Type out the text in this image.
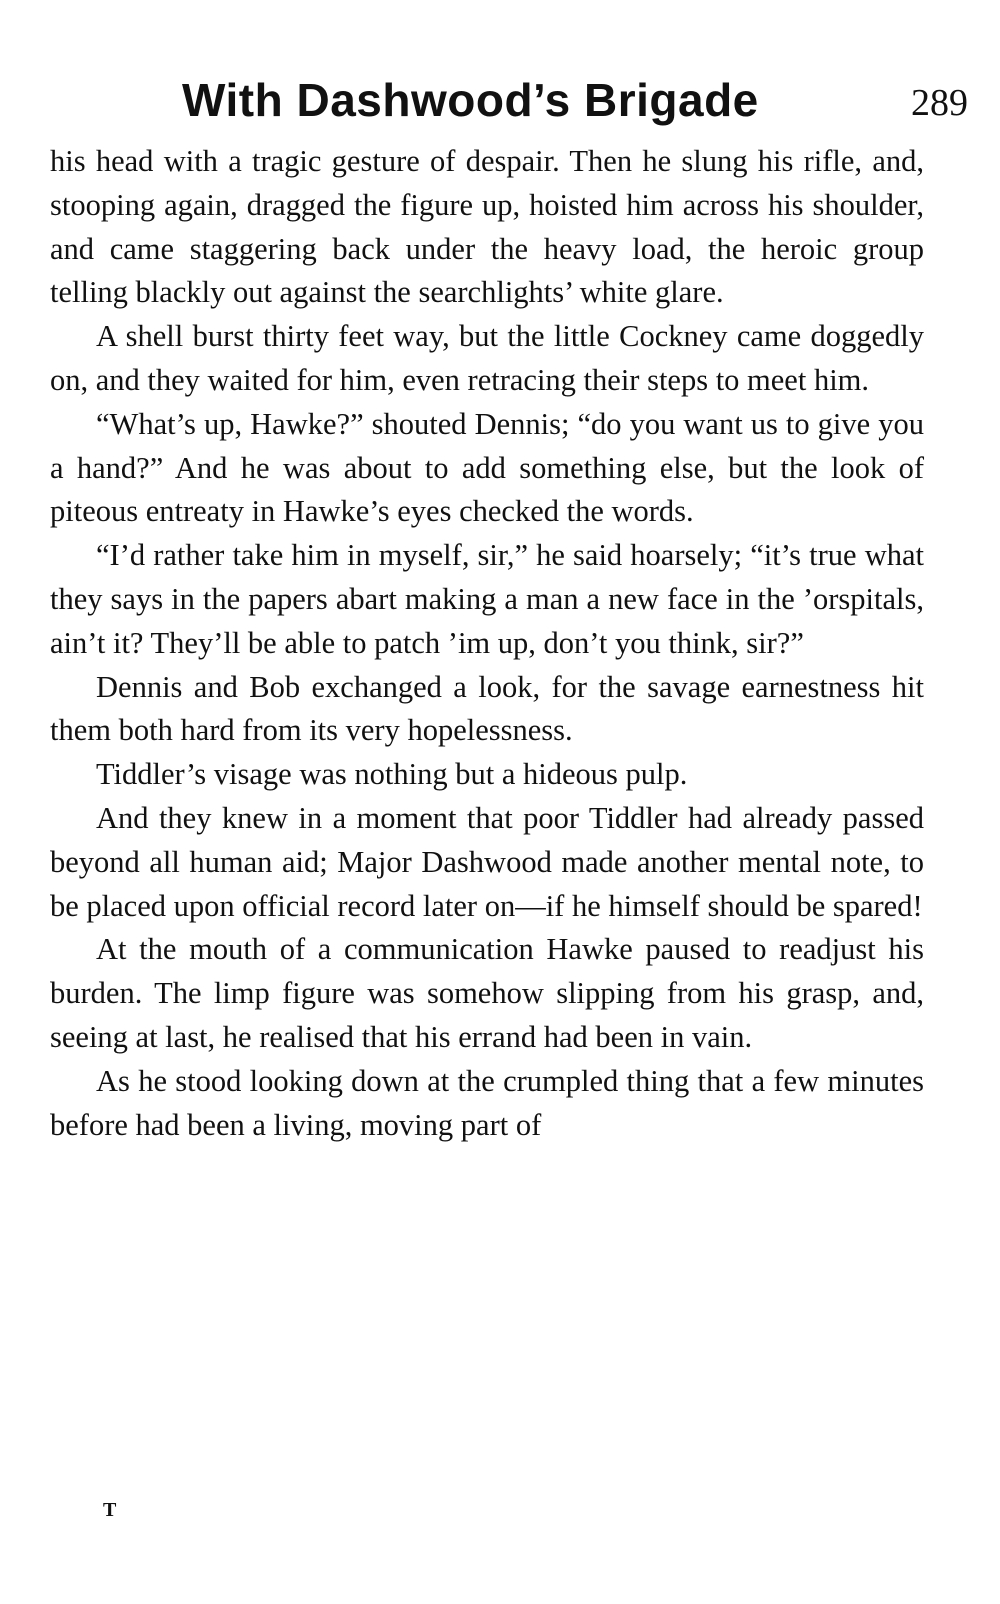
With Dashwood’s Brigade	289

his head with a tragic gesture of despair. Then he slung his rifle, and, stooping again, dragged the figure up, hoisted him across his shoulder, and came staggering back under the heavy load, the heroic group telling blackly out against the searchlights’ white glare.

A shell burst thirty feet way, but the little Cockney came doggedly on, and they waited for him, even retracing their steps to meet him.

“What’s up, Hawke?” shouted Dennis; “do you want us to give you a hand?” And he was about to add something else, but the look of piteous entreaty in Hawke’s eyes checked the words.

“I’d rather take him in myself, sir,” he said hoarsely; “it’s true what they says in the papers abart making a man a new face in the ’orspitals, ain’t it? They’ll be able to patch ’im up, don’t you think, sir?”

Dennis and Bob exchanged a look, for the savage earnestness hit them both hard from its very hopelessness.

Tiddler’s visage was nothing but a hideous pulp.

And they knew in a moment that poor Tiddler had already passed beyond all human aid; Major Dashwood made another mental note, to be placed upon official record later on—if he himself should be spared!

At the mouth of a communication Hawke paused to readjust his burden. The limp figure was somehow slipping from his grasp, and, seeing at last, he realised that his errand had been in vain.

As he stood looking down at the crumpled thing that a few minutes before had been a living, moving part of

T
